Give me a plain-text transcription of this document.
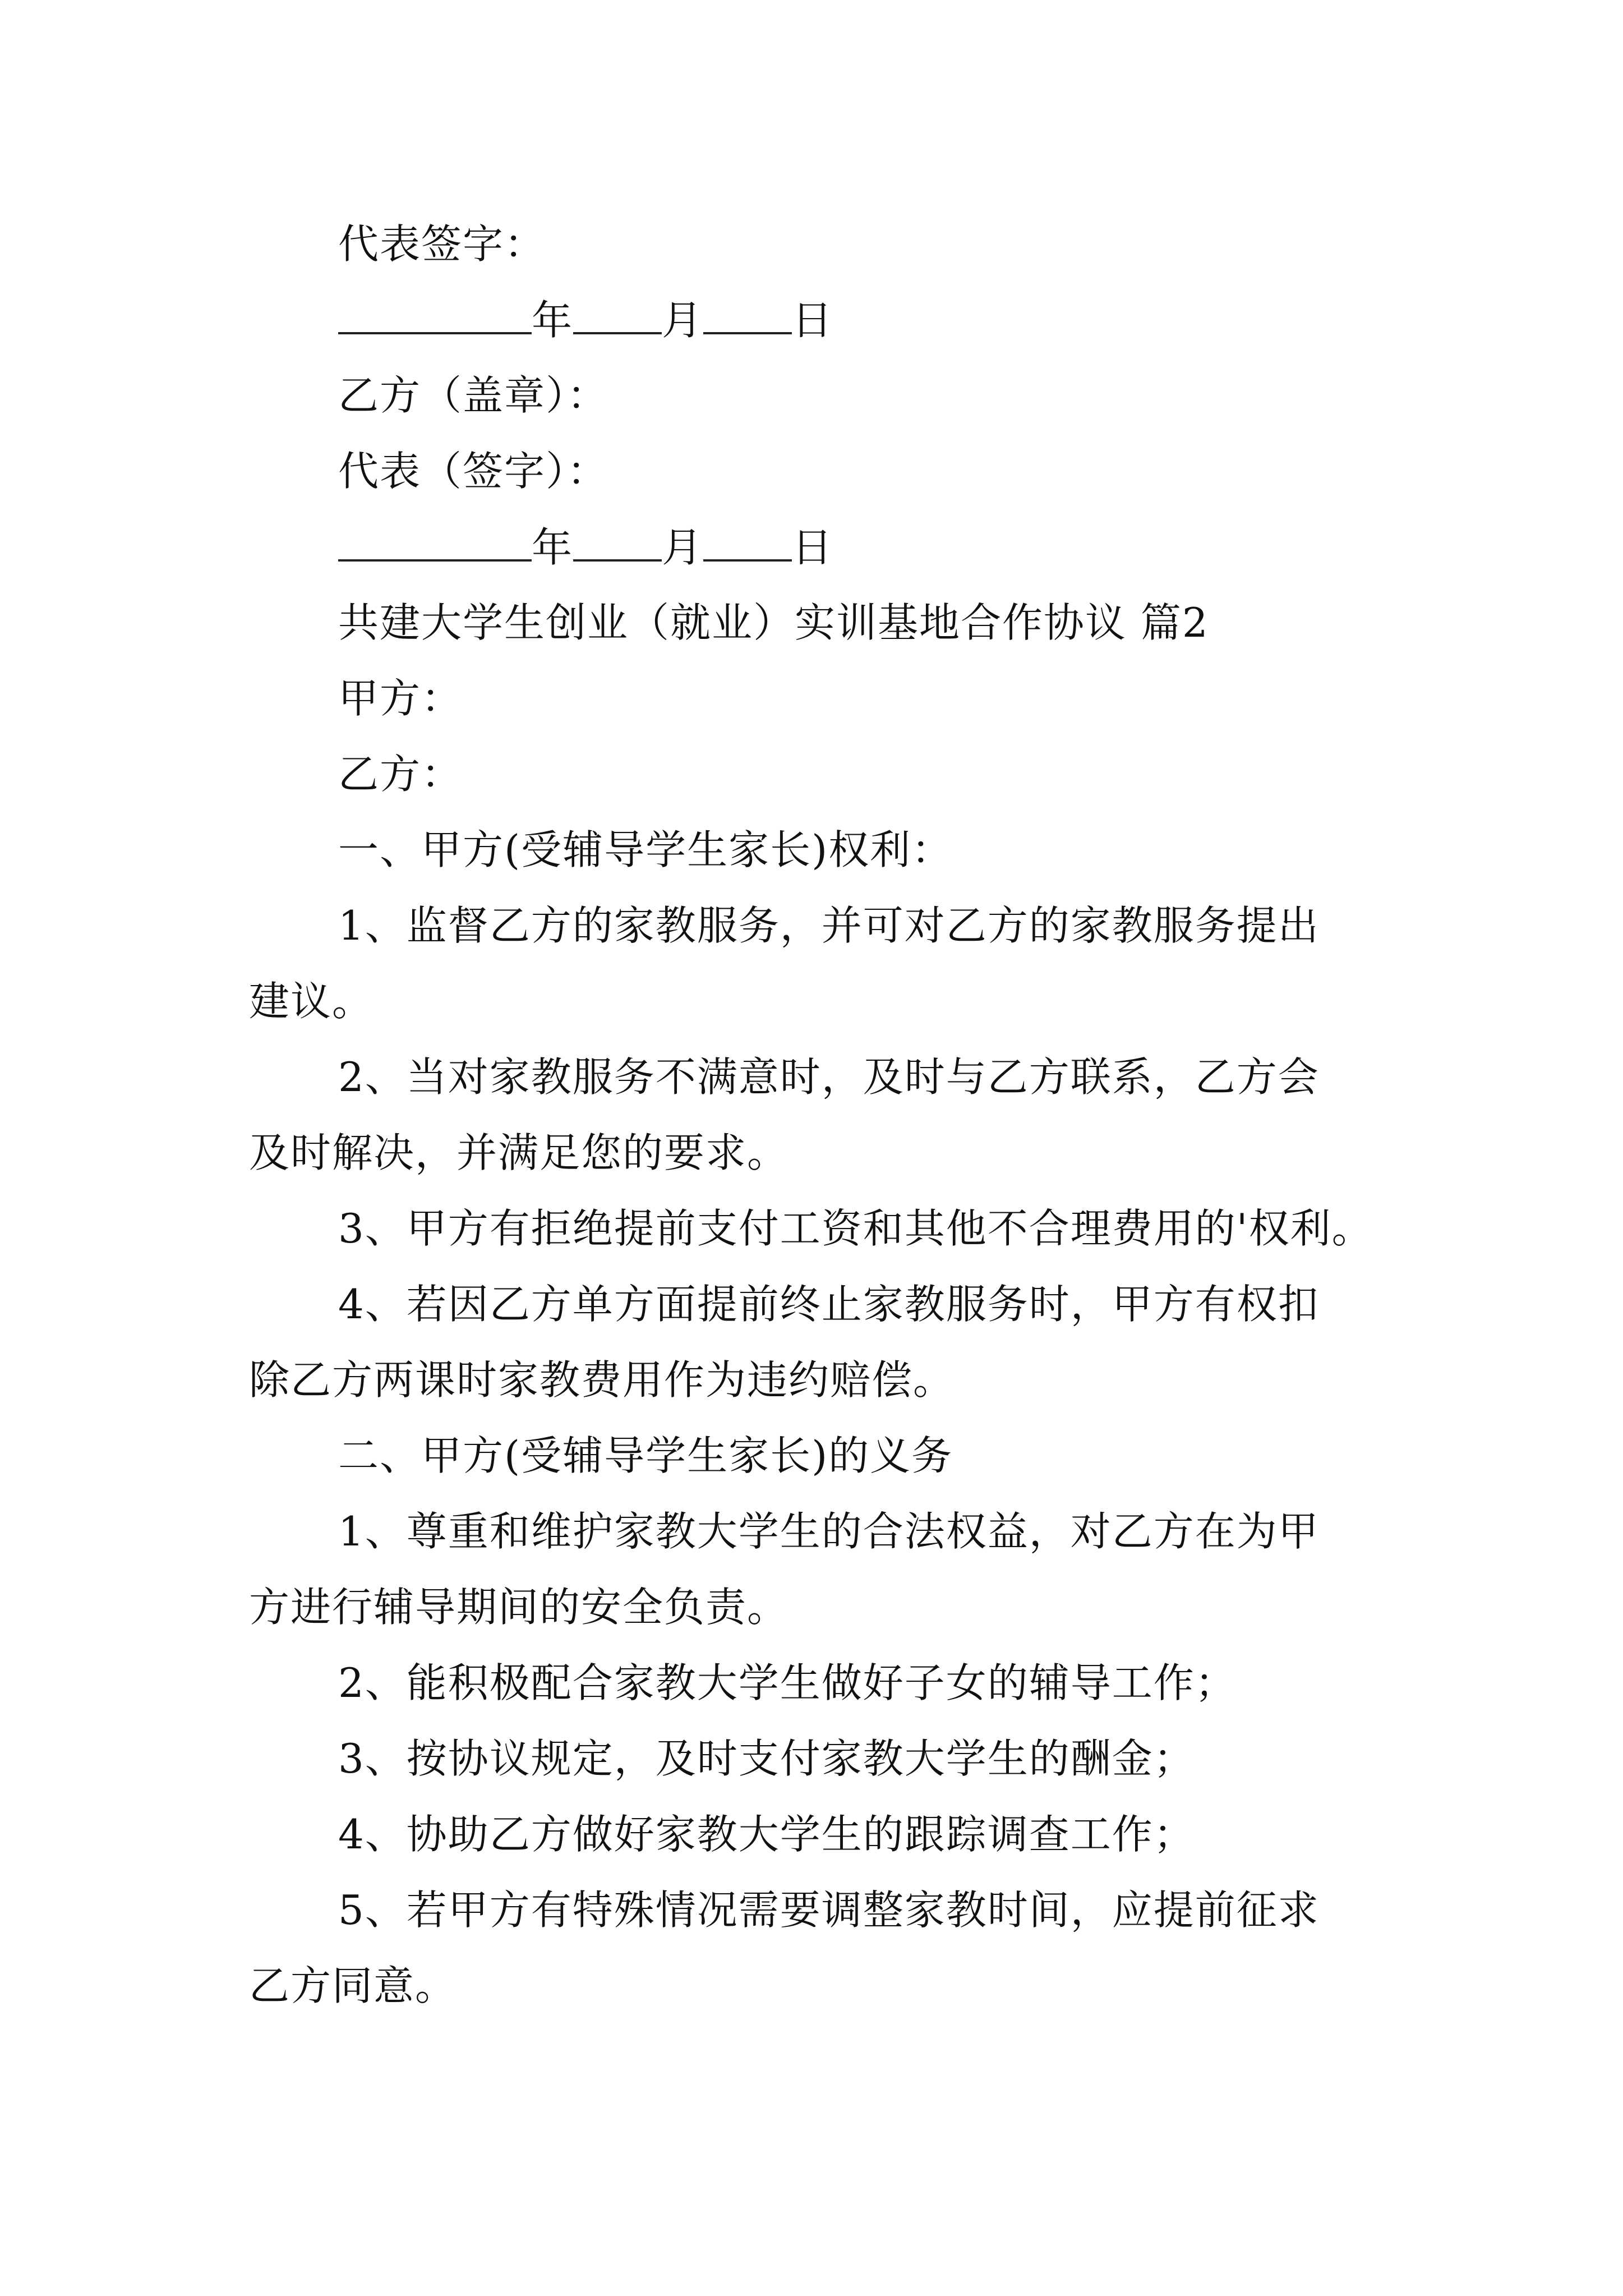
代表签字：
年 月 日
乙方（盖章）：
代表（签字）：
年 月 日
共建大学生创业（就业）实训基地合作协议 篇2
甲方：
乙方：
一、甲方(受辅导学生家长)权利：
1、监督乙方的家教服务，并可对乙方的家教服务提出
建议。
2、当对家教服务不满意时，及时与乙方联系，乙方会
及时解决，并满足您的要求。
3、甲方有拒绝提前支付工资和其他不合理费用的'权利。
4、若因乙方单方面提前终止家教服务时，甲方有权扣
除乙方两课时家教费用作为违约赔偿。
二、甲方(受辅导学生家长)的义务
1、尊重和维护家教大学生的合法权益，对乙方在为甲
方进行辅导期间的安全负责。
2、能积极配合家教大学生做好子女的辅导工作；
3、按协议规定，及时支付家教大学生的酬金；
4、协助乙方做好家教大学生的跟踪调查工作；
5、若甲方有特殊情况需要调整家教时间，应提前征求
乙方同意。
